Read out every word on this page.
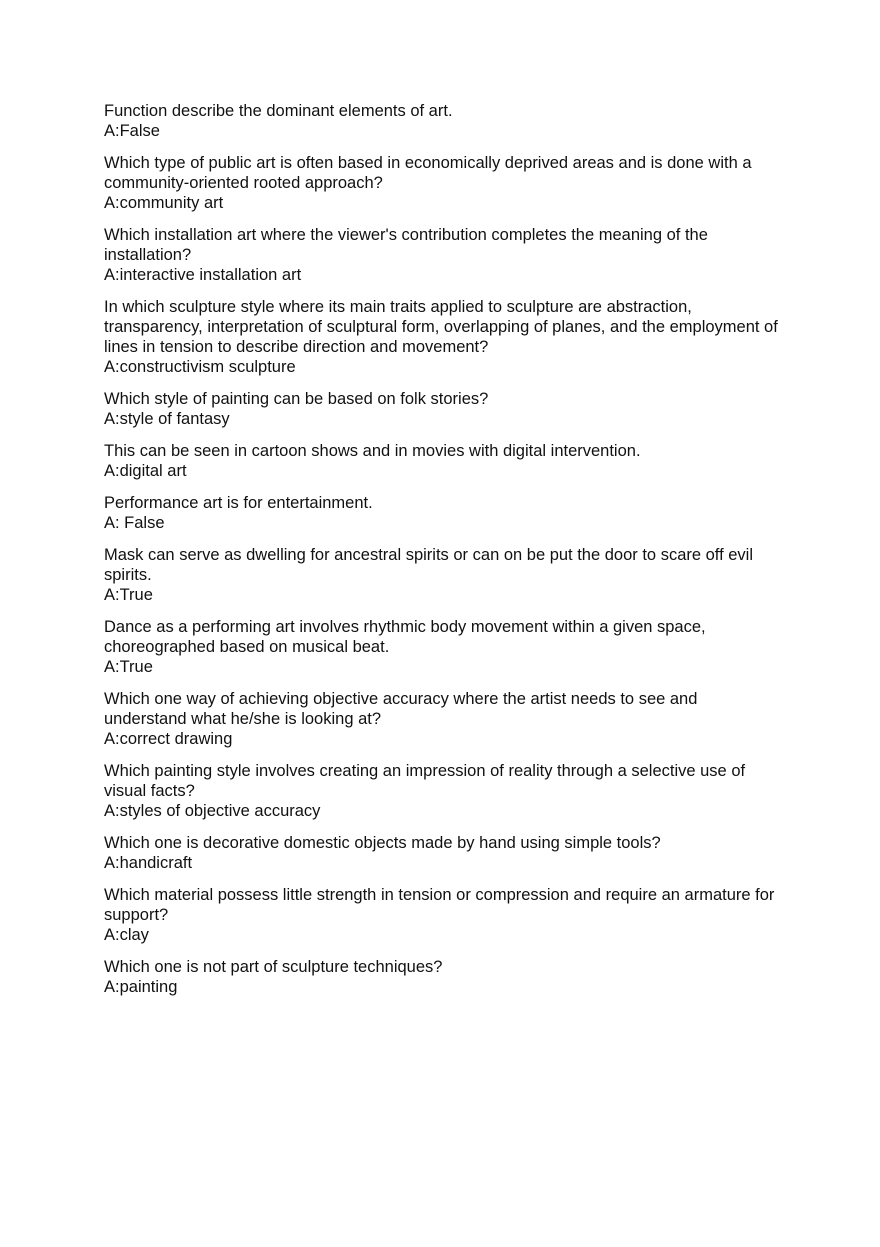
Function describe the dominant elements of art.
A:False
Which type of public art is often based in economically deprived areas and is done with a community-oriented rooted approach?
A:community art
Which installation art where the viewer's contribution completes the meaning of the installation?
A:interactive installation art
In which sculpture style where its main traits applied to sculpture are abstraction, transparency, interpretation of sculptural form, overlapping of planes, and the employment of lines in tension to describe direction and movement?
A:constructivism sculpture
Which style of painting can be based on folk stories?
A:style of fantasy
This can be seen in cartoon shows and in movies with digital intervention.
A:digital art
Performance art is for entertainment.
A: False
Mask can serve as dwelling for ancestral spirits or can on be put the door to scare off evil spirits.
A:True
Dance as a performing art involves rhythmic body movement within a given space, choreographed based on musical beat.
A:True
Which one way of achieving objective accuracy where the artist needs to see and understand what he/she is looking at?
A:correct drawing
Which painting style involves creating an impression of reality through a selective use of visual facts?
A:styles of objective accuracy
Which one is decorative domestic objects made by hand using simple tools?
A:handicraft
Which material possess little strength in tension or compression and require an armature for support?
A:clay
Which one is not part of sculpture techniques?
A:painting
